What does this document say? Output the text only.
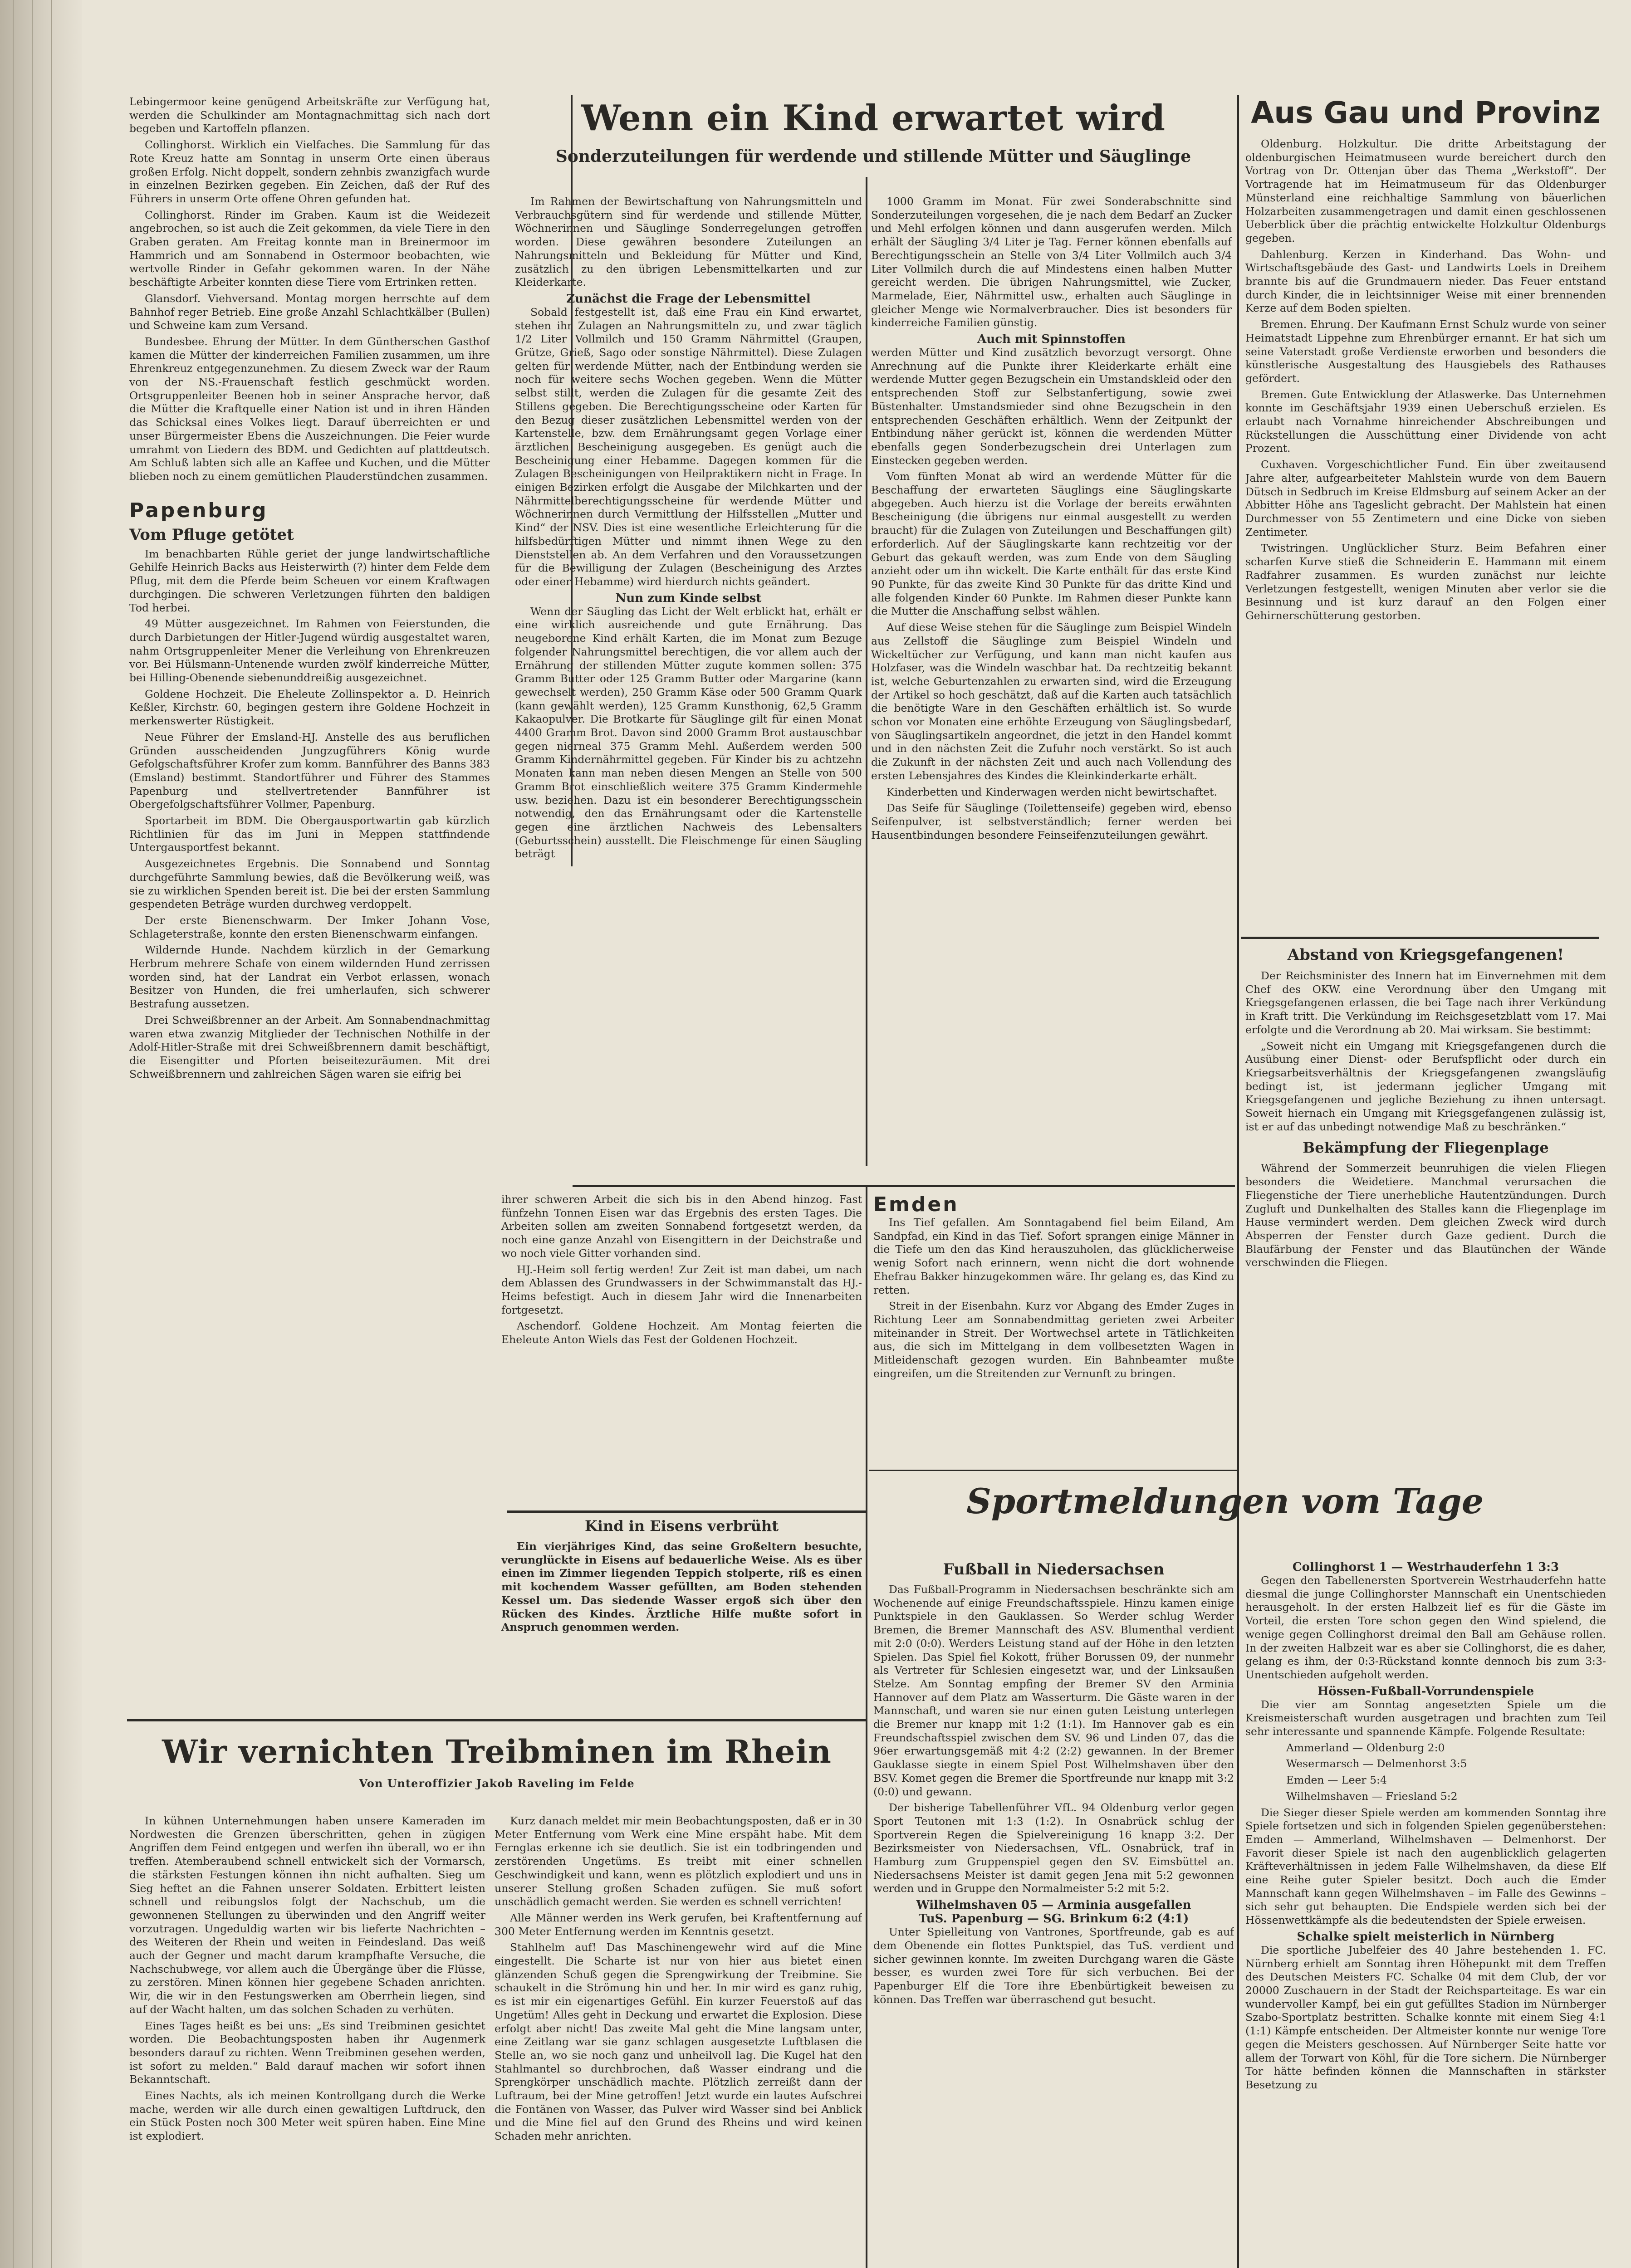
Lebingermoor keine genügend Arbeitskräfte zur Verfügung hat, werden die Schulkinder am Montagnachmittag sich nach dort begeben und Kartoffeln pflanzen.

Collinghorst. Wirklich ein Vielfaches. Die Sammlung für das Rote Kreuz hatte am Sonntag in unserm Orte einen überaus großen Erfolg. Nicht doppelt, sondern zehnbis zwanzigfach wurde in einzelnen Bezirken gegeben. Ein Zeichen, daß der Ruf des Führers in unserm Orte offene Ohren gefunden hat.

Collinghorst. Rinder im Graben. Kaum ist die Weidezeit angebrochen, so ist auch die Zeit gekommen, da viele Tiere in den Graben geraten. Am Freitag konnte man in Breinermoor im Hammrich und am Sonnabend in Ostermoor beobachten, wie wertvolle Rinder in Gefahr gekommen waren. In der Nähe beschäftigte Arbeiter konnten diese Tiere vom Ertrinken retten.

Glansdorf. Viehversand. Montag morgen herrschte auf dem Bahnhof reger Betrieb. Eine große Anzahl Schlachtkälber (Bullen) und Schweine kam zum Versand.

Bundesbee. Ehrung der Mütter. In dem Güntherschen Gasthof kamen die Mütter der kinderreichen Familien zusammen, um ihre Ehrenkreuz entgegenzunehmen. Zu diesem Zweck war der Raum von der NS.-Frauenschaft festlich geschmückt worden. Ortsgruppenleiter Beenen hob in seiner Ansprache hervor, daß die Mütter die Kraftquelle einer Nation ist und in ihren Händen das Schicksal eines Volkes liegt. Darauf überreichten er und unser Bürgermeister Ebens die Auszeichnungen. Die Feier wurde umrahmt von Liedern des BDM. und Gedichten auf plattdeutsch. Am Schluß labten sich alle an Kaffee und Kuchen, und die Mütter blieben noch zu einem gemütlichen Plauderstündchen zusammen.

Papenburg
Vom Pfluge getötet

Im benachbarten Rühle geriet der junge landwirtschaftliche Gehilfe Heinrich Backs aus Heisterwirth (?) hinter dem Felde dem Pflug, mit dem die Pferde beim Scheuen vor einem Kraftwagen durchgingen. Die schweren Verletzungen führten den baldigen Tod herbei.

49 Mütter ausgezeichnet. Im Rahmen von Feierstunden, die durch Darbietungen der Hitler-Jugend würdig ausgestaltet waren, nahm Ortsgruppenleiter Mener die Verleihung von Ehrenkreuzen vor. Bei Hülsmann-Untenende wurden zwölf kinderreiche Mütter, bei Hilling-Obenende siebenunddreißig ausgezeichnet.

Goldene Hochzeit. Die Eheleute Zollinspektor a. D. Heinrich Keßler, Kirchstr. 60, begingen gestern ihre Goldene Hochzeit in merkenswerter Rüstigkeit.

Neue Führer der Emsland-HJ. Anstelle des aus beruflichen Gründen ausscheidenden Jungzugführers König wurde Gefolgschaftsführer Krofer zum komm. Bannführer des Banns 383 (Emsland) bestimmt. Standortführer und Führer des Stammes Papenburg und stellvertretender Bannführer ist Obergefolgschaftsführer Vollmer, Papenburg.

Sportarbeit im BDM. Die Obergausportwartin gab kürzlich Richtlinien für das im Juni in Meppen stattfindende Untergausportfest bekannt.

Ausgezeichnetes Ergebnis. Die Sonnabend und Sonntag durchgeführte Sammlung bewies, daß die Bevölkerung weiß, was sie zu wirklichen Spenden bereit ist. Die bei der ersten Sammlung gespendeten Beträge wurden durchweg verdoppelt.

Der erste Bienenschwarm. Der Imker Johann Vose, Schlageterstraße, konnte den ersten Bienenschwarm einfangen.

Wildernde Hunde. Nachdem kürzlich in der Gemarkung Herbrum mehrere Schafe von einem wildernden Hund zerrissen worden sind, hat der Landrat ein Verbot erlassen, wonach Besitzer von Hunden, die frei umherlaufen, sich schwerer Bestrafung aussetzen.

Drei Schweißbrenner an der Arbeit. Am Sonnabendnachmittag waren etwa zwanzig Mitglieder der Technischen Nothilfe in der Adolf-Hitler-Straße mit drei Schweißbrennern damit beschäftigt, die Eisengitter und Pforten beiseitezuräumen. Mit drei Schweißbrennern und zahlreichen Sägen waren sie eifrig bei

Wenn ein Kind erwartet wird
Sonderzuteilungen für werdende und stillende Mütter und Säuglinge

Im Rahmen der Bewirtschaftung von Nahrungsmitteln und Verbrauchsgütern sind für werdende und stillende Mütter, Wöchnerinnen und Säuglinge Sonderregelungen getroffen worden. Diese gewähren besondere Zuteilungen an Nahrungsmitteln und Bekleidung für Mütter und Kind, zusätzlich zu den übrigen Lebensmittelkarten und zur Kleiderkarte.

Zunächst die Frage der Lebensmittel

Sobald festgestellt ist, daß eine Frau ein Kind erwartet, stehen ihr Zulagen an Nahrungsmitteln zu, und zwar täglich 1/2 Liter Vollmilch und 150 Gramm Nährmittel (Graupen, Grütze, Grieß, Sago oder sonstige Nährmittel). Diese Zulagen gelten für werdende Mütter, nach der Entbindung werden sie noch für weitere sechs Wochen gegeben. Wenn die Mütter selbst stillt, werden die Zulagen für die gesamte Zeit des Stillens gegeben. Die Berechtigungsscheine oder Karten für den Bezug dieser zusätzlichen Lebensmittel werden von der Kartenstelle, bzw. dem Ernährungsamt gegen Vorlage einer ärztlichen Bescheinigung ausgegeben. Es genügt auch die Bescheinigung einer Hebamme. Dagegen kommen für die Zulagen Bescheinigungen von Heilpraktikern nicht in Frage. In einigen Bezirken erfolgt die Ausgabe der Milchkarten und der Nährmittelberechtigungsscheine für werdende Mütter und Wöchnerinnen durch Vermittlung der Hilfsstellen „Mutter und Kind“ der NSV. Dies ist eine wesentliche Erleichterung für die hilfsbedürftigen Mütter und nimmt ihnen Wege zu den Dienststellen ab. An dem Verfahren und den Voraussetzungen für die Bewilligung der Zulagen (Bescheinigung des Arztes oder einer Hebamme) wird hierdurch nichts geändert.

Nun zum Kinde selbst

Wenn der Säugling das Licht der Welt erblickt hat, erhält er eine wirklich ausreichende und gute Ernährung. Das neugeborene Kind erhält Karten, die im Monat zum Bezuge folgender Nahrungsmittel berechtigen, die vor allem auch der Ernährung der stillenden Mütter zugute kommen sollen: 375 Gramm Butter oder 125 Gramm Butter oder Margarine (kann gewechselt werden), 250 Gramm Käse oder 500 Gramm Quark (kann gewählt werden), 125 Gramm Kunsthonig, 62,5 Gramm Kakaopulver. Die Brotkarte für Säuglinge gilt für einen Monat 4400 Gramm Brot. Davon sind 2000 Gramm Brot austauschbar gegen nierneal 375 Gramm Mehl. Außerdem werden 500 Gramm Kindernährmittel gegeben. Für Kinder bis zu achtzehn Monaten kann man neben diesen Mengen an Stelle von 500 Gramm Brot einschließlich weitere 375 Gramm Kindermehle usw. beziehen. Dazu ist ein besonderer Berechtigungsschein notwendig, den das Ernährungsamt oder die Kartenstelle gegen eine ärztlichen Nachweis des Lebensalters (Geburtsschein) ausstellt. Die Fleischmenge für einen Säugling beträgt

1000 Gramm im Monat. Für zwei Sonderabschnitte sind Sonderzuteilungen vorgesehen, die je nach dem Bedarf an Zucker und Mehl erfolgen können und dann ausgerufen werden. Milch erhält der Säugling 3/4 Liter je Tag. Ferner können ebenfalls auf Berechtigungsschein an Stelle von 3/4 Liter Vollmilch auch 3/4 Liter Vollmilch durch die auf Mindestens einen halben Mutter gereicht werden. Die übrigen Nahrungsmittel, wie Zucker, Marmelade, Eier, Nährmittel usw., erhalten auch Säuglinge in gleicher Menge wie Normalverbraucher. Dies ist besonders für kinderreiche Familien günstig.

Auch mit Spinnstoffen

werden Mütter und Kind zusätzlich bevorzugt versorgt. Ohne Anrechnung auf die Punkte ihrer Kleiderkarte erhält eine werdende Mutter gegen Bezugschein ein Umstandskleid oder den entsprechenden Stoff zur Selbstanfertigung, sowie zwei Büstenhalter. Umstandsmieder sind ohne Bezugschein in den entsprechenden Geschäften erhältlich. Wenn der Zeitpunkt der Entbindung näher gerückt ist, können die werdenden Mütter ebenfalls gegen Sonderbezugschein drei Unterlagen zum Einstecken gegeben werden.

Vom fünften Monat ab wird an werdende Mütter für die Beschaffung der erwarteten Säuglings eine Säuglingskarte abgegeben. Auch hierzu ist die Vorlage der bereits erwähnten Bescheinigung (die übrigens nur einmal ausgestellt zu werden braucht) für die Zulagen von Zuteilungen und Beschaffungen gilt) erforderlich. Auf der Säuglingskarte kann rechtzeitig vor der Geburt das gekauft werden, was zum Ende von dem Säugling anzieht oder um ihn wickelt. Die Karte enthält für das erste Kind 90 Punkte, für das zweite Kind 30 Punkte für das dritte Kind und alle folgenden Kinder 60 Punkte. Im Rahmen dieser Punkte kann die Mutter die Anschaffung selbst wählen.

Auf diese Weise stehen für die Säuglinge zum Beispiel Windeln aus Zellstoff die Säuglinge zum Beispiel Windeln und Wickeltücher zur Verfügung, und kann man nicht kaufen aus Holzfaser, was die Windeln waschbar hat. Da rechtzeitig bekannt ist, welche Geburtenzahlen zu erwarten sind, wird die Erzeugung der Artikel so hoch geschätzt, daß auf die Karten auch tatsächlich die benötigte Ware in den Geschäften erhältlich ist. So wurde schon vor Monaten eine erhöhte Erzeugung von Säuglingsbedarf, von Säuglingsartikeln angeordnet, die jetzt in den Handel kommt und in den nächsten Zeit die Zufuhr noch verstärkt. So ist auch die Zukunft in der nächsten Zeit und auch nach Vollendung des ersten Lebensjahres des Kindes die Kleinkinderkarte erhält.

Kinderbetten und Kinderwagen werden nicht bewirtschaftet.

Das Seife für Säuglinge (Toilettenseife) gegeben wird, ebenso Seifenpulver, ist selbstverständlich; ferner werden bei Hausentbindungen besondere Feinseifenzuteilungen gewährt.

ihrer schweren Arbeit die sich bis in den Abend hinzog. Fast fünfzehn Tonnen Eisen war das Ergebnis des ersten Tages. Die Arbeiten sollen am zweiten Sonnabend fortgesetzt werden, da noch eine ganze Anzahl von Eisengittern in der Deichstraße und wo noch viele Gitter vorhanden sind.

HJ.-Heim soll fertig werden! Zur Zeit ist man dabei, um nach dem Ablassen des Grundwassers in der Schwimmanstalt das HJ.-Heims befestigt. Auch in diesem Jahr wird die Innenarbeiten fortgesetzt.

Aschendorf. Goldene Hochzeit. Am Montag feierten die Eheleute Anton Wiels das Fest der Goldenen Hochzeit.

Kind in Eisens verbrüht

Ein vierjähriges Kind, das seine Großeltern besuchte, verunglückte in Eisens auf bedauerliche Weise. Als es über einen im Zimmer liegenden Teppich stolperte, riß es einen mit kochendem Wasser gefüllten, am Boden stehenden Kessel um. Das siedende Wasser ergoß sich über den Rücken des Kindes. Ärztliche Hilfe mußte sofort in Anspruch genommen werden.

Emden

Ins Tief gefallen. Am Sonntagabend fiel beim Eiland, Am Sandpfad, ein Kind in das Tief. Sofort sprangen einige Männer in die Tiefe um den das Kind herauszuholen, das glücklicherweise wenig Sofort nach erinnern, wenn nicht die dort wohnende Ehefrau Bakker hinzugekommen wäre. Ihr gelang es, das Kind zu retten.

Streit in der Eisenbahn. Kurz vor Abgang des Emder Zuges in Richtung Leer am Sonnabendmittag gerieten zwei Arbeiter miteinander in Streit. Der Wortwechsel artete in Tätlichkeiten aus, die sich im Mittelgang in dem vollbesetzten Wagen in Mitleidenschaft gezogen wurden. Ein Bahnbeamter mußte eingreifen, um die Streitenden zur Vernunft zu bringen.

Sportmeldungen vom Tage
Fußball in Niedersachsen

Das Fußball-Programm in Niedersachsen beschränkte sich am Wochenende auf einige Freundschaftsspiele. Hinzu kamen einige Punktspiele in den Gauklassen. So Werder schlug Werder Bremen, die Bremer Mannschaft des ASV. Blumenthal verdient mit 2:0 (0:0). Werders Leistung stand auf der Höhe in den letzten Spielen. Das Spiel fiel Kokott, früher Borussen 09, der nunmehr als Vertreter für Schlesien eingesetzt war, und der Linksaußen Stelze. Am Sonntag empfing der Bremer SV den Arminia Hannover auf dem Platz am Wasserturm. Die Gäste waren in der Mannschaft, und waren sie nur einen guten Leistung unterlegen die Bremer nur knapp mit 1:2 (1:1). Im Hannover gab es ein Freundschaftsspiel zwischen dem SV. 96 und Linden 07, das die 96er erwartungsgemäß mit 4:2 (2:2) gewannen. In der Bremer Gauklasse siegte in einem Spiel Post Wilhelmshaven über den BSV. Komet gegen die Bremer die Sportfreunde nur knapp mit 3:2 (0:0) und gewann.

Der bisherige Tabellenführer VfL. 94 Oldenburg verlor gegen Sport Teutonen mit 1:3 (1:2). In Osnabrück schlug der Sportverein Regen die Spielvereinigung 16 knapp 3:2. Der Bezirksmeister von Niedersachsen, VfL. Osnabrück, traf in Hamburg zum Gruppenspiel gegen den SV. Eimsbüttel an. Niedersachsens Meister ist damit gegen Jena mit 5:2 gewonnen werden und in Gruppe den Normalmeister 5:2 mit 5:2.

Wilhelmshaven 05 — Arminia ausgefallen
TuS. Papenburg — SG. Brinkum 6:2 (4:1)

Unter Spielleitung von Vantrones, Sportfreunde, gab es auf dem Obenende ein flottes Punktspiel, das TuS. verdient und sicher gewinnen konnte. Im zweiten Durchgang waren die Gäste besser, es wurden zwei Tore für sich verbuchen. Bei der Papenburger Elf die Tore ihre Ebenbürtigkeit beweisen zu können. Das Treffen war überraschend gut besucht.

Wir vernichten Treibminen im Rhein
Von Unteroffizier Jakob Raveling im Felde

In kühnen Unternehmungen haben unsere Kameraden im Nordwesten die Grenzen überschritten, gehen in zügigen Angriffen dem Feind entgegen und werfen ihn überall, wo er ihn treffen. Atemberaubend schnell entwickelt sich der Vormarsch, die stärksten Festungen können ihn nicht aufhalten. Sieg um Sieg heftet an die Fahnen unserer Soldaten. Erbittert leisten schnell und reibungslos folgt der Nachschub, um die gewonnenen Stellungen zu überwinden und den Angriff weiter vorzutragen. Ungeduldig warten wir bis lieferte Nachrichten – des Weiteren der Rhein und weiten in Feindesland. Das weiß auch der Gegner und macht darum krampfhafte Versuche, die Nachschubwege, vor allem auch die Übergänge über die Flüsse, zu zerstören. Minen können hier gegebene Schaden anrichten. Wir, die wir in den Festungswerken am Oberrhein liegen, sind auf der Wacht halten, um das solchen Schaden zu verhüten.

Eines Tages heißt es bei uns: „Es sind Treibminen gesichtet worden. Die Beobachtungsposten haben ihr Augenmerk besonders darauf zu richten. Wenn Treibminen gesehen werden, ist sofort zu melden.“ Bald darauf machen wir sofort ihnen Bekanntschaft.

Eines Nachts, als ich meinen Kontrollgang durch die Werke mache, werden wir alle durch einen gewaltigen Luftdruck, den ein Stück Posten noch 300 Meter weit spüren haben. Eine Mine ist explodiert.

Kurz danach meldet mir mein Beobachtungsposten, daß er in 30 Meter Entfernung vom Werk eine Mine erspäht habe. Mit dem Fernglas erkenne ich sie deutlich. Sie ist ein todbringenden und zerstörenden Ungetüms. Es treibt mit einer schnellen Geschwindigkeit und kann, wenn es plötzlich explodiert und uns in unserer Stellung großen Schaden zufügen. Sie muß sofort unschädlich gemacht werden. Sie werden es schnell verrichten!

Alle Männer werden ins Werk gerufen, bei Kraftentfernung auf 300 Meter Entfernung werden im Kenntnis gesetzt.

Stahlhelm auf! Das Maschinengewehr wird auf die Mine eingestellt. Die Scharte ist nur von hier aus bietet einen glänzenden Schuß gegen die Sprengwirkung der Treibmine. Sie schaukelt in die Strömung hin und her. In mir wird es ganz ruhig, es ist mir ein eigenartiges Gefühl. Ein kurzer Feuerstoß auf das Ungetüm! Alles geht in Deckung und erwartet die Explosion. Diese erfolgt aber nicht! Das zweite Mal geht die Mine langsam unter, eine Zeitlang war sie ganz schlagen ausgesetzte Luftblasen die Stelle an, wo sie noch ganz und unheilvoll lag. Die Kugel hat den Stahlmantel so durchbrochen, daß Wasser eindrang und die Sprengkörper unschädlich machte. Plötzlich zerreißt dann der Luftraum, bei der Mine getroffen! Jetzt wurde ein lautes Aufschrei die Fontänen von Wasser, das Pulver wird Wasser sind bei Anblick und die Mine fiel auf den Grund des Rheins und wird keinen Schaden mehr anrichten.

Aus Gau und Provinz

Oldenburg. Holzkultur. Die dritte Arbeitstagung der oldenburgischen Heimatmuseen wurde bereichert durch den Vortrag von Dr. Ottenjan über das Thema „Werkstoff“. Der Vortragende hat im Heimatmuseum für das Oldenburger Münsterland eine reichhaltige Sammlung von bäuerlichen Holzarbeiten zusammengetragen und damit einen geschlossenen Ueberblick über die prächtig entwickelte Holzkultur Oldenburgs gegeben.

Dahlenburg. Kerzen in Kinderhand. Das Wohn- und Wirtschaftsgebäude des Gast- und Landwirts Loels in Dreihem brannte bis auf die Grundmauern nieder. Das Feuer entstand durch Kinder, die in leichtsinniger Weise mit einer brennenden Kerze auf dem Boden spielten.

Bremen. Ehrung. Der Kaufmann Ernst Schulz wurde von seiner Heimatstadt Lippehne zum Ehrenbürger ernannt. Er hat sich um seine Vaterstadt große Verdienste erworben und besonders die künstlerische Ausgestaltung des Hausgiebels des Rathauses gefördert.

Bremen. Gute Entwicklung der Atlaswerke. Das Unternehmen konnte im Geschäftsjahr 1939 einen Ueberschuß erzielen. Es erlaubt nach Vornahme hinreichender Abschreibungen und Rückstellungen die Ausschüttung einer Dividende von acht Prozent.

Cuxhaven. Vorgeschichtlicher Fund. Ein über zweitausend Jahre alter, aufgearbeiteter Mahlstein wurde von dem Bauern Dütsch in Sedbruch im Kreise Eldmsburg auf seinem Acker an der Abbitter Höhe ans Tageslicht gebracht. Der Mahlstein hat einen Durchmesser von 55 Zentimetern und eine Dicke von sieben Zentimeter.

Twistringen. Unglücklicher Sturz. Beim Befahren einer scharfen Kurve stieß die Schneiderin E. Hammann mit einem Radfahrer zusammen. Es wurden zunächst nur leichte Verletzungen festgestellt, wenigen Minuten aber verlor sie die Besinnung und ist kurz darauf an den Folgen einer Gehirnerschütterung gestorben.

Abstand von Kriegsgefangenen!

Der Reichsminister des Innern hat im Einvernehmen mit dem Chef des OKW. eine Verordnung über den Umgang mit Kriegsgefangenen erlassen, die bei Tage nach ihrer Verkündung in Kraft tritt. Die Verkündung im Reichsgesetzblatt vom 17. Mai erfolgte und die Verordnung ab 20. Mai wirksam. Sie bestimmt:

„Soweit nicht ein Umgang mit Kriegsgefangenen durch die Ausübung einer Dienst- oder Berufspflicht oder durch ein Kriegsarbeitsverhältnis der Kriegsgefangenen zwangsläufig bedingt ist, ist jedermann jeglicher Umgang mit Kriegsgefangenen und jegliche Beziehung zu ihnen untersagt. Soweit hiernach ein Umgang mit Kriegsgefangenen zulässig ist, ist er auf das unbedingt notwendige Maß zu beschränken.“

Bekämpfung der Fliegenplage

Während der Sommerzeit beunruhigen die vielen Fliegen besonders die Weidetiere. Manchmal verursachen die Fliegenstiche der Tiere unerhebliche Hautentzündungen. Durch Zugluft und Dunkelhalten des Stalles kann die Fliegenplage im Hause vermindert werden. Dem gleichen Zweck wird durch Absperren der Fenster durch Gaze gedient. Durch die Blaufärbung der Fenster und das Blautünchen der Wände verschwinden die Fliegen.

Collinghorst 1 — Westrhauderfehn 1 3:3

Gegen den Tabellenersten Sportverein Westrhauderfehn hatte diesmal die junge Collinghorster Mannschaft ein Unentschieden herausgeholt. In der ersten Halbzeit lief es für die Gäste im Vorteil, die ersten Tore schon gegen den Wind spielend, die wenige gegen Collinghorst dreimal den Ball am Gehäuse rollen. In der zweiten Halbzeit war es aber sie Collinghorst, die es daher, gelang es ihm, der 0:3-Rückstand konnte dennoch bis zum 3:3-Unentschieden aufgeholt werden.

Hössen-Fußball-Vorrundenspiele

Die vier am Sonntag angesetzten Spiele um die Kreismeisterschaft wurden ausgetragen und brachten zum Teil sehr interessante und spannende Kämpfe. Folgende Resultate:

Ammerland — Oldenburg 2:0

Wesermarsch — Delmenhorst 3:5

Emden — Leer 5:4

Wilhelmshaven — Friesland 5:2

Die Sieger dieser Spiele werden am kommenden Sonntag ihre Spiele fortsetzen und sich in folgenden Spielen gegenüberstehen: Emden — Ammerland, Wilhelmshaven — Delmenhorst. Der Favorit dieser Spiele ist nach den augenblicklich gelagerten Kräfteverhältnissen in jedem Falle Wilhelmshaven, da diese Elf eine Reihe guter Spieler besitzt. Doch auch die Emder Mannschaft kann gegen Wilhelmshaven – im Falle des Gewinns – sich sehr gut behaupten. Die Endspiele werden sich bei der Hössenwettkämpfe als die bedeutendsten der Spiele erweisen.

Schalke spielt meisterlich in Nürnberg

Die sportliche Jubelfeier des 40 Jahre bestehenden 1. FC. Nürnberg erhielt am Sonntag ihren Höhepunkt mit dem Treffen des Deutschen Meisters FC. Schalke 04 mit dem Club, der vor 20000 Zuschauern in der Stadt der Reichsparteitage. Es war ein wundervoller Kampf, bei ein gut gefülltes Stadion im Nürnberger Szabo-Sportplatz bestritten. Schalke konnte mit einem Sieg 4:1 (1:1) Kämpfe entscheiden. Der Altmeister konnte nur wenige Tore gegen die Meisters geschossen. Auf Nürnberger Seite hatte vor allem der Torwart von Köhl, für die Tore sichern. Die Nürnberger Tor hätte befinden können die Mannschaften in stärkster Besetzung zu
